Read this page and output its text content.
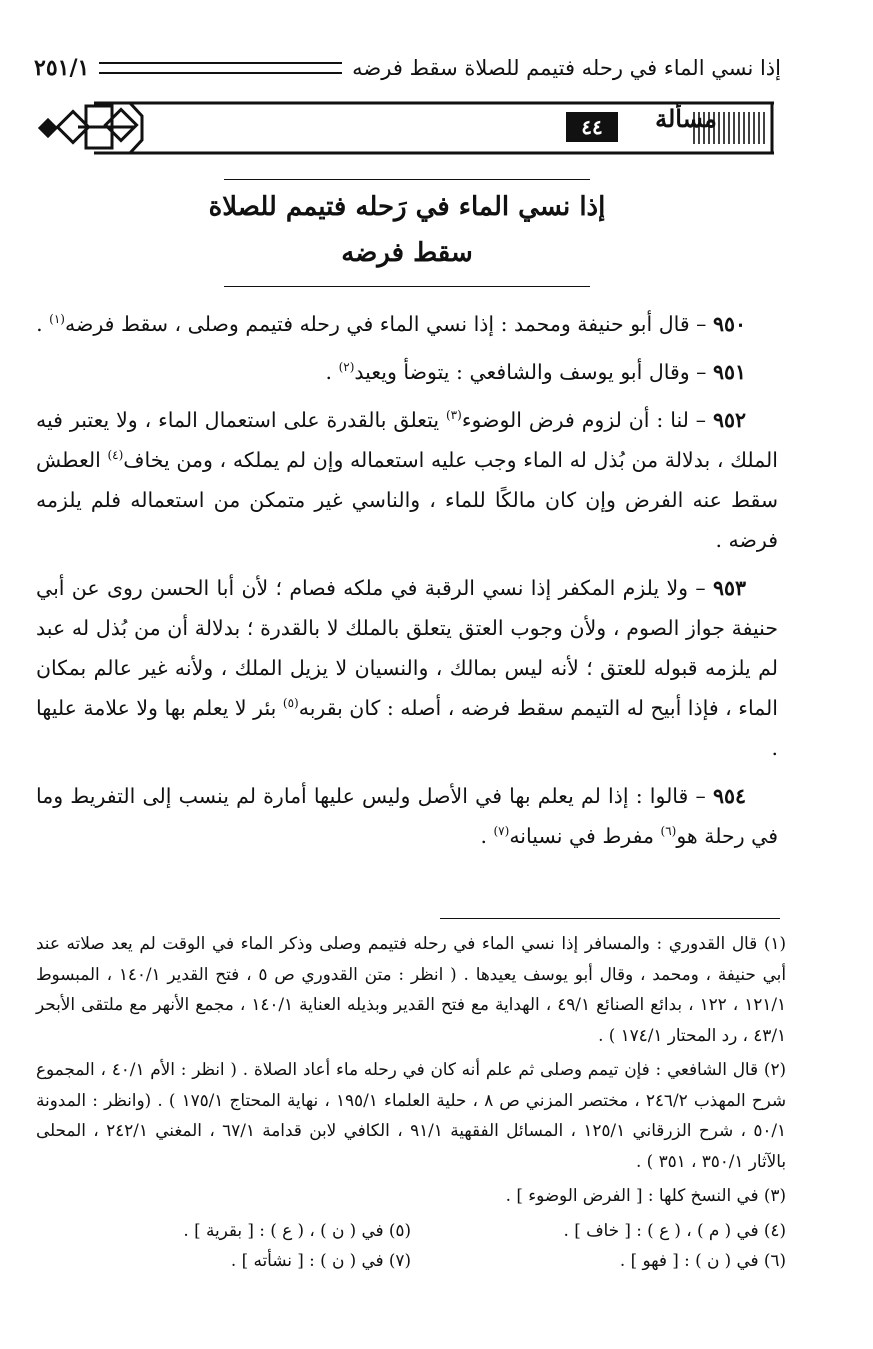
إذا نسي الماء في رحله فتيمم للصلاة سقط فرضه
٢٥١/١
مسألة
٤٤
إذا نسي الماء في رَحله فتيمم للصلاة
سقط فرضه

٩٥٠ – قال أبو حنيفة ومحمد : إذا نسي الماء في رحله فتيمم وصلى ، سقط فرضه$^{(١)}$ .

٩٥١ – وقال أبو يوسف والشافعي : يتوضأ ويعيد$^{(٢)}$ .

٩٥٢ – لنا : أن لزوم فرض الوضوء$^{(٣)}$ يتعلق بالقدرة على استعمال الماء ، ولا يعتبر فيه الملك ، بدلالة من بُذل له الماء وجب عليه استعماله وإن لم يملكه ، ومن يخاف$^{(٤)}$ العطش سقط عنه الفرض وإن كان مالكًا للماء ، والناسي غير متمكن من استعماله فلم يلزمه فرضه .

٩٥٣ – ولا يلزم المكفر إذا نسي الرقبة في ملكه فصام ؛ لأن أبا الحسن روى عن أبي حنيفة جواز الصوم ، ولأن وجوب العتق يتعلق بالملك لا بالقدرة ؛ بدلالة أن من بُذل له عبد لم يلزمه قبوله للعتق ؛ لأنه ليس بمالك ، والنسيان لا يزيل الملك ، ولأنه غير عالم بمكان الماء ، فإذا أبيح له التيمم سقط فرضه ، أصله : كان بقربه$^{(٥)}$ بئر لا يعلم بها ولا علامة عليها .

٩٥٤ – قالوا : إذا لم يعلم بها في الأصل وليس عليها أمارة لم ينسب إلى التفريط وما في رحلة هو$^{(٦)}$ مفرط في نسيانه$^{(٧)}$ .

(١) قال القدوري : والمسافر إذا نسي الماء في رحله فتيمم وصلى وذكر الماء في الوقت لم يعد صلاته عند أبي حنيفة ، ومحمد ، وقال أبو يوسف يعيدها . ( انظر : متن القدوري ص ٥ ، فتح القدير ١٤٠/١ ، المبسوط ١٢١/١ ، ١٢٢ ، بدائع الصنائع ٤٩/١ ، الهداية مع فتح القدير وبذيله العناية ١٤٠/١ ، مجمع الأنهر مع ملتقى الأبحر ٤٣/١ ، رد المحتار ١٧٤/١ ) .

(٢) قال الشافعي : فإن تيمم وصلى ثم علم أنه كان في رحله ماء أعاد الصلاة . ( انظر : الأم ٤٠/١ ، المجموع شرح المهذب ٢٤٦/٢ ، مختصر المزني ص ٨ ، حلية العلماء ١٩٥/١ ، نهاية المحتاج ١٧٥/١ ) . (وانظر : المدونة ٥٠/١ ، شرح الزرقاني ١٢٥/١ ، المسائل الفقهية ٩١/١ ، الكافي لابن قدامة ٦٧/١ ، المغني ٢٤٢/١ ، المحلى بالآثار ٣٥٠/١ ، ٣٥١ ) .

(٣) في النسخ كلها : [ الفرض الوضوء ] .

(٤) في ( م ) ، ( ع ) : [ خاف ] .
(٥) في ( ن ) ، ( ع ) : [ بقرية ] .
(٦) في ( ن ) : [ فهو ] .
(٧) في ( ن ) : [ نشأته ] .
